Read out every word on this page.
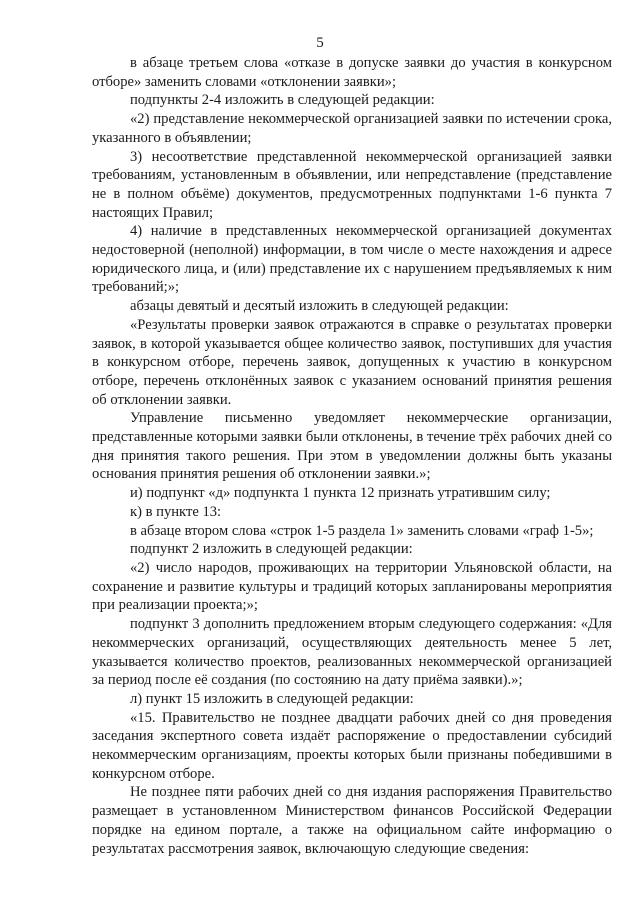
5

в абзаце третьем слова «отказе в допуске заявки до участия в конкурсном отборе» заменить словами «отклонении заявки»;

подпункты 2-4 изложить в следующей редакции:

«2) представление некоммерческой организацией заявки по истечении срока, указанного в объявлении;

3) несоответствие представленной некоммерческой организацией заявки требованиям, установленным в объявлении, или непредставление (представление не в полном объёме) документов, предусмотренных подпунктами 1-6 пункта 7 настоящих Правил;

4) наличие в представленных некоммерческой организацией документах недостоверной (неполной) информации, в том числе о месте нахождения и адресе юридического лица, и (или) представление их с нарушением предъявляемых к ним требований;»;

абзацы девятый и десятый изложить в следующей редакции:

«Результаты проверки заявок отражаются в справке о результатах проверки заявок, в которой указывается общее количество заявок, поступивших для участия в конкурсном отборе, перечень заявок, допущенных к участию в конкурсном отборе, перечень отклонённых заявок с указанием оснований принятия решения об отклонении заявки.

Управление письменно уведомляет некоммерческие организации, представленные которыми заявки были отклонены, в течение трёх рабочих дней со дня принятия такого решения. При этом в уведомлении должны быть указаны основания принятия решения об отклонении заявки.»;

и) подпункт «д» подпункта 1 пункта 12 признать утратившим силу;

к) в пункте 13:

в абзаце втором слова «строк 1-5 раздела 1» заменить словами «граф 1-5»;

подпункт 2 изложить в следующей редакции:

«2) число народов, проживающих на территории Ульяновской области, на сохранение и развитие культуры и традиций которых запланированы мероприятия при реализации проекта;»;

подпункт 3 дополнить предложением вторым следующего содержания: «Для некоммерческих организаций, осуществляющих деятельность менее 5 лет, указывается количество проектов, реализованных некоммерческой организацией за период после её создания (по состоянию на дату приёма заявки).»;

л) пункт 15 изложить в следующей редакции:

«15. Правительство не позднее двадцати рабочих дней со дня проведения заседания экспертного совета издаёт распоряжение о предоставлении субсидий некоммерческим организациям, проекты которых были признаны победившими в конкурсном отборе.

Не позднее пяти рабочих дней со дня издания распоряжения Правительство размещает в установленном Министерством финансов Российской Федерации порядке на едином портале, а также на официальном сайте информацию о результатах рассмотрения заявок, включающую следующие сведения:
